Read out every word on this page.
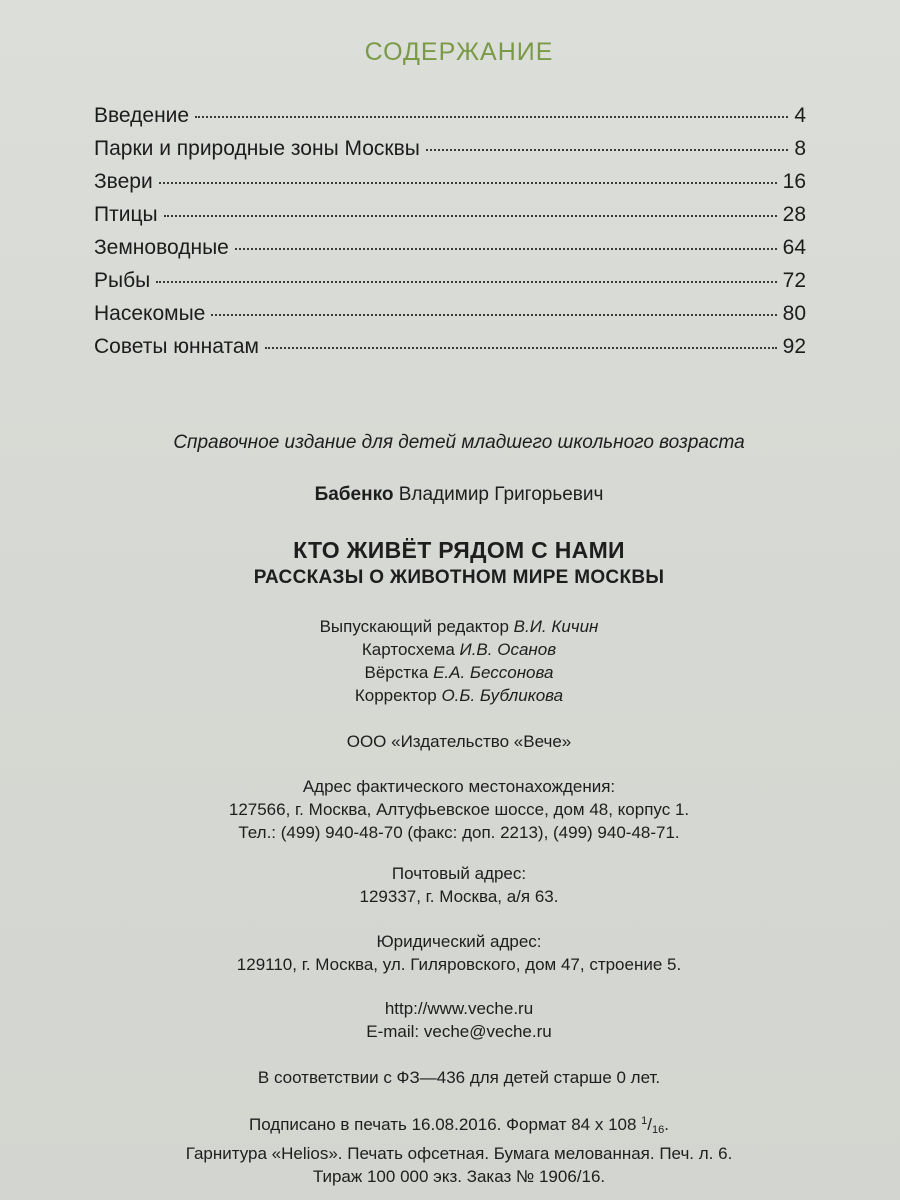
СОДЕРЖАНИЕ
Введение	4
Парки и природные зоны Москвы	8
Звери	16
Птицы	28
Земноводные	64
Рыбы	72
Насекомые	80
Советы юннатам	92
Справочное издание для детей младшего школьного возраста
Бабенко Владимир Григорьевич
КТО ЖИВЁТ РЯДОМ С НАМИ
РАССКАЗЫ О ЖИВОТНОМ МИРЕ МОСКВЫ
Выпускающий редактор В.И. Кичин
Картосхема И.В. Осанов
Вёрстка Е.А. Бессонова
Корректор О.Б. Бубликова
ООО «Издательство «Вече»
Адрес фактического местонахождения:
127566, г. Москва, Алтуфьевское шоссе, дом 48, корпус 1.
Тел.: (499) 940-48-70 (факс: доп. 2213), (499) 940-48-71.
Почтовый адрес:
129337, г. Москва, а/я 63.
Юридический адрес:
129110, г. Москва, ул. Гиляровского, дом 47, строение 5.
http://www.veche.ru
E-mail: veche@veche.ru
В соответствии с ФЗ—436 для детей старше 0 лет.
Подписано в печать 16.08.2016. Формат 84 х 108 $^1/_{16}$.
Гарнитура «Helios». Печать офсетная. Бумага мелованная. Печ. л. 6.
Тираж 100 000 экз. Заказ № 1906/16.
